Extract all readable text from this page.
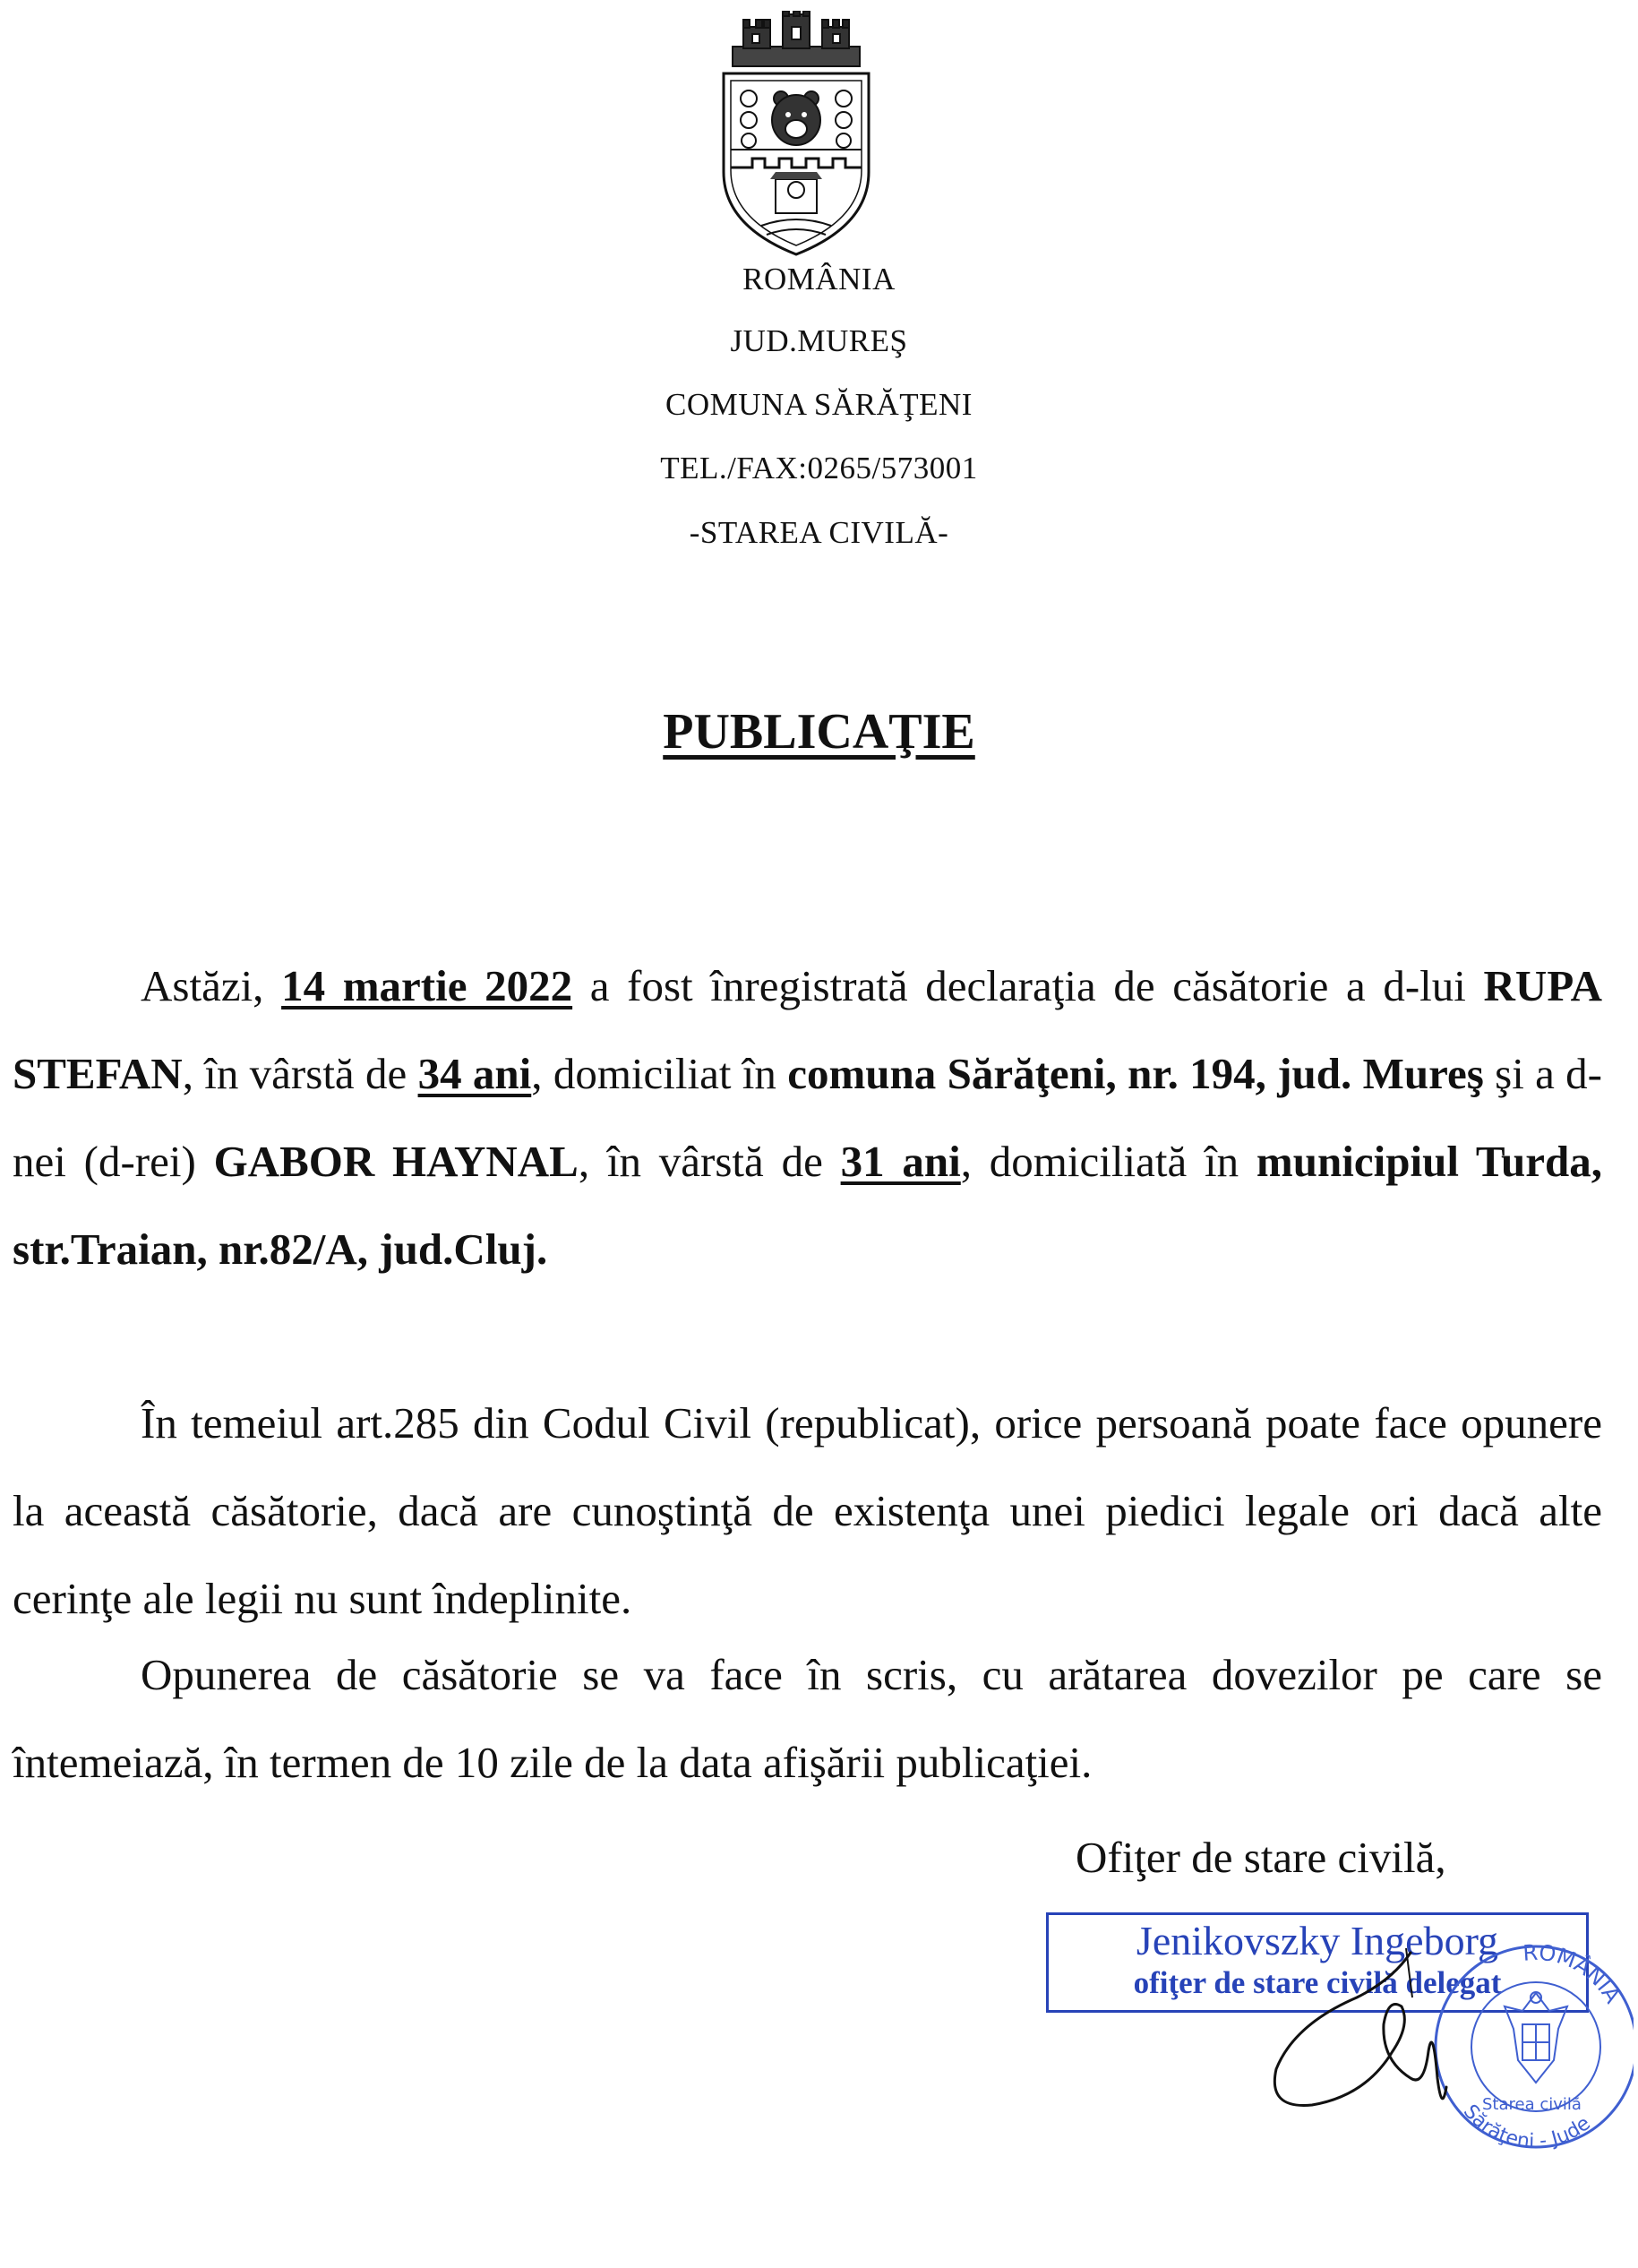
ROMÂNIA
JUD.MUREŞ
COMUNA SĂRĂŢENI
TEL./FAX:0265/573001
-STAREA CIVILĂ-
PUBLICAŢIE
Astăzi, 14 martie 2022 a fost înregistrată declaraţia de căsătorie a d-lui RUPA STEFAN, în vârstă de 34 ani, domiciliat în comuna Sărăţeni, nr. 194, jud. Mureş şi a d-nei (d-rei) GABOR HAYNAL, în vârstă de 31 ani, domiciliată în municipiul Turda, str.Traian, nr.82/A, jud.Cluj.
În temeiul art.285 din Codul Civil (republicat), orice persoană poate face opunere la această căsătorie, dacă are cunoştinţă de existenţa unei piedici legale ori dacă alte cerinţe ale legii nu sunt îndeplinite.
Opunerea de căsătorie se va face în scris, cu arătarea dovezilor pe care se întemeiază, în termen de 10 zile de la data afişării publicaţiei.
Ofiţer de stare civilă,
Jenikovszky Ingeborg
ofiţer de stare civilă delegat
ROMÂNIA
Sărăţeni - Jude
Starea civilă
